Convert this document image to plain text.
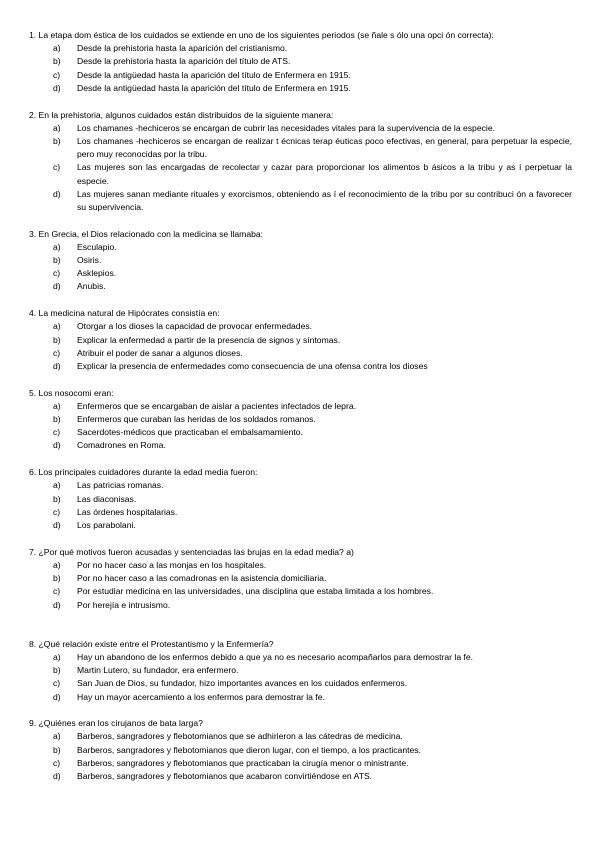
1. La etapa dom éstica de los cuidados se extiende en uno de los siguientes periodos (se ñale s ólo una opci ón correcta):
a)	Desde la prehistoria hasta la aparición del cristianismo.
b)	Desde la prehistoria hasta la aparición del título de ATS.
c)	Desde la antigüedad hasta la aparición del título de Enfermera en 1915.
d)	Desde la antigüedad hasta la aparición del título de Enfermera en 1915.
2. En la prehistoria, algunos cuidados están distribuidos de la siguiente manera:
a)	Los chamanes -hechiceros se encargan de cubrir las necesidades vitales para la supervivencia de la especie.
b)	Los chamanes -hechiceros se encargan de realizar t écnicas terap éuticas poco efectivas, en general, para perpetuar la especie, pero muy reconocidas por la tribu.
c)	Las mujeres son las encargadas de recolectar y cazar para proporcionar los alimentos b ásicos a la tribu y as í perpetuar la especie.
d)	Las mujeres sanan mediante rituales y exorcismos, obteniendo as í el reconocimiento de la tribu por su contribuci ón a favorecer su supervivencia.
3. En Grecia, el Dios relacionado con la medicina se llamaba:
a)	Esculapio.
b)	Osiris.
c)	Asklepios.
d)	Anubis.
4. La medicina natural de Hipócrates consistía en:
a)	Otorgar a los dioses la capacidad de provocar enfermedades.
b)	Explicar la enfermedad a partir de la presencia de signos y síntomas.
c)	Atribuir el poder de sanar a algunos dioses.
d)	Explicar la presencia de enfermedades como consecuencia de una ofensa contra los dioses
5. Los nosocomi eran:
a)	Enfermeros que se encargaban de aislar a pacientes infectados de lepra.
b)	Enfermeros que curaban las heridas de los soldados romanos.
c)	Sacerdotes-médicos que practicaban el embalsamamiento.
d)	Comadrones en Roma.
6. Los principales cuidadores durante la edad media fueron:
a)	Las patricias romanas.
b)	Las diaconisas.
c)	Las órdenes hospitalarias.
d)	Los parabolani.
7. ¿Por qué motivos fueron acusadas y sentenciadas las brujas en la edad media? a)
a)	Por no hacer caso a las monjas en los hospitales.
b)	Por no hacer caso a las comadronas en la asistencia domiciliaria.
c)	Por estudiar medicina en las universidades, una disciplina que estaba limitada a los hombres.
d)	Por herejía e intrusismo.
8. ¿Qué relación existe entre el Protestantismo y la Enfermería?
a)	Hay un abandono de los enfermos debido a que ya no es necesario acompañarlos para demostrar la fe.
b)	Martin Lutero, su fundador, era enfermero.
c)	San Juan de Dios, su fundador, hizo importantes avances en los cuidados enfermeros.
d)	Hay un mayor acercamiento a los enfermos para demostrar la fe.
9. ¿Quiénes eran los cirujanos de bata larga?
a)	Barberos, sangradores y flebotomianos que se adhirieron a las cátedras de medicina.
b)	Barberos, sangradores y flebotomianos que dieron lugar, con el tiempo, a los practicantes.
c)	Barberos, sangradores y flebotomianos que practicaban la cirugía menor o ministrante.
d)	Barberos, sangradores y flebotomianos que acabaron convirtiéndose en ATS.
